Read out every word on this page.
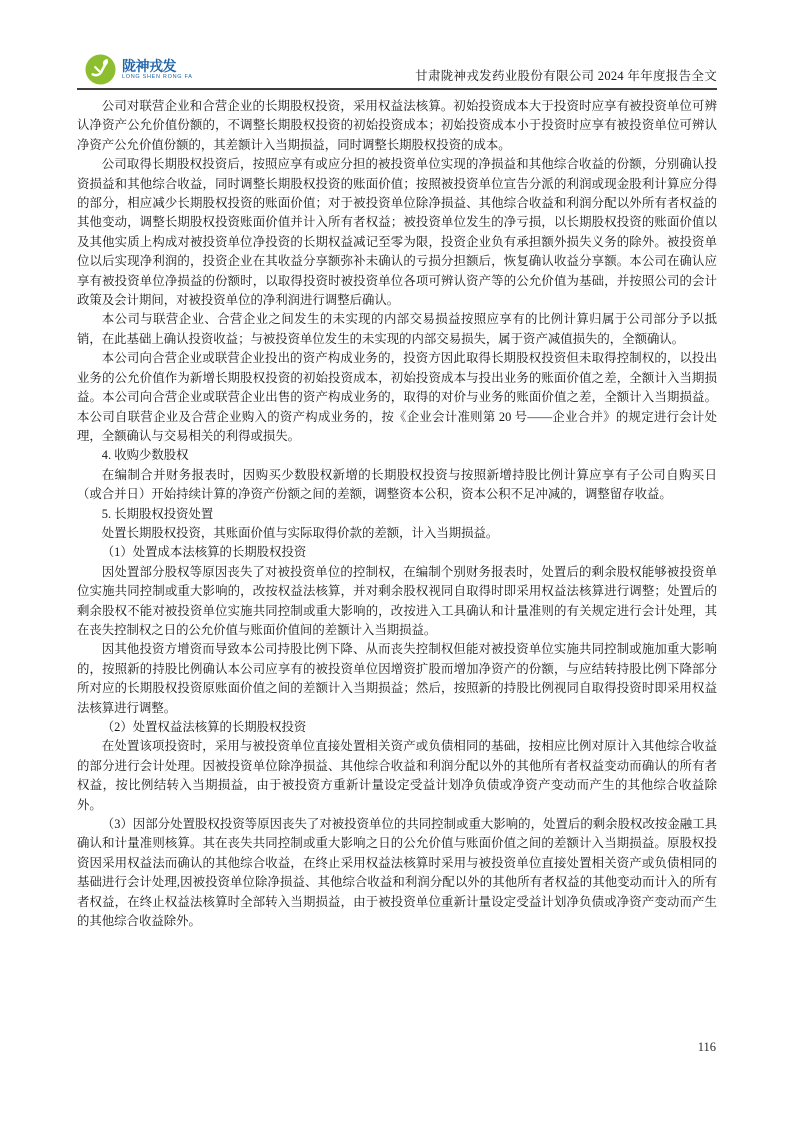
陇神戎发
LONG SHEN RONG FA	甘肃陇神戎发药业股份有限公司 2024 年年度报告全文

公司对联营企业和合营企业的长期股权投资，采用权益法核算。初始投资成本大于投资时应享有被投资单位可辨认净资产公允价值份额的，不调整长期股权投资的初始投资成本；初始投资成本小于投资时应享有被投资单位可辨认净资产公允价值份额的，其差额计入当期损益，同时调整长期股权投资的成本。

公司取得长期股权投资后，按照应享有或应分担的被投资单位实现的净损益和其他综合收益的份额，分别确认投资损益和其他综合收益，同时调整长期股权投资的账面价值；按照被投资单位宣告分派的利润或现金股利计算应分得的部分，相应减少长期股权投资的账面价值；对于被投资单位除净损益、其他综合收益和利润分配以外所有者权益的其他变动，调整长期股权投资账面价值并计入所有者权益；被投资单位发生的净亏损，以长期股权投资的账面价值以及其他实质上构成对被投资单位净投资的长期权益减记至零为限，投资企业负有承担额外损失义务的除外。被投资单位以后实现净利润的，投资企业在其收益分享额弥补未确认的亏损分担额后，恢复确认收益分享额。本公司在确认应享有被投资单位净损益的份额时，以取得投资时被投资单位各项可辨认资产等的公允价值为基础，并按照公司的会计政策及会计期间，对被投资单位的净利润进行调整后确认。

本公司与联营企业、合营企业之间发生的未实现的内部交易损益按照应享有的比例计算归属于公司部分予以抵销，在此基础上确认投资收益；与被投资单位发生的未实现的内部交易损失，属于资产减值损失的，全额确认。

本公司向合营企业或联营企业投出的资产构成业务的，投资方因此取得长期股权投资但未取得控制权的，以投出业务的公允价值作为新增长期股权投资的初始投资成本，初始投资成本与投出业务的账面价值之差，全额计入当期损益。本公司向合营企业或联营企业出售的资产构成业务的，取得的对价与业务的账面价值之差，全额计入当期损益。本公司自联营企业及合营企业购入的资产构成业务的，按《企业会计准则第 20 号——企业合并》的规定进行会计处理，全额确认与交易相关的利得或损失。

4. 收购少数股权

在编制合并财务报表时，因购买少数股权新增的长期股权投资与按照新增持股比例计算应享有子公司自购买日（或合并日）开始持续计算的净资产份额之间的差额，调整资本公积，资本公积不足冲减的，调整留存收益。

5. 长期股权投资处置

处置长期股权投资，其账面价值与实际取得价款的差额，计入当期损益。

（1）处置成本法核算的长期股权投资

因处置部分股权等原因丧失了对被投资单位的控制权，在编制个别财务报表时，处置后的剩余股权能够被投资单位实施共同控制或重大影响的，改按权益法核算，并对剩余股权视同自取得时即采用权益法核算进行调整；处置后的剩余股权不能对被投资单位实施共同控制或重大影响的，改按进入工具确认和计量准则的有关规定进行会计处理，其在丧失控制权之日的公允价值与账面价值间的差额计入当期损益。

因其他投资方增资而导致本公司持股比例下降、从而丧失控制权但能对被投资单位实施共同控制或施加重大影响的，按照新的持股比例确认本公司应享有的被投资单位因增资扩股而增加净资产的份额，与应结转持股比例下降部分所对应的长期股权投资原账面价值之间的差额计入当期损益；然后，按照新的持股比例视同自取得投资时即采用权益法核算进行调整。

（2）处置权益法核算的长期股权投资

在处置该项投资时，采用与被投资单位直接处置相关资产或负债相同的基础，按相应比例对原计入其他综合收益的部分进行会计处理。因被投资单位除净损益、其他综合收益和利润分配以外的其他所有者权益变动而确认的所有者权益，按比例结转入当期损益，由于被投资方重新计量设定受益计划净负债或净资产变动而产生的其他综合收益除外。

（3）因部分处置股权投资等原因丧失了对被投资单位的共同控制或重大影响的，处置后的剩余股权改按金融工具确认和计量准则核算。其在丧失共同控制或重大影响之日的公允价值与账面价值之间的差额计入当期损益。原股权投资因采用权益法而确认的其他综合收益，在终止采用权益法核算时采用与被投资单位直接处置相关资产或负债相同的基础进行会计处理,因被投资单位除净损益、其他综合收益和利润分配以外的其他所有者权益的其他变动而计入的所有者权益，在终止权益法核算时全部转入当期损益，由于被投资单位重新计量设定受益计划净负债或净资产变动而产生的其他综合收益除外。

116
